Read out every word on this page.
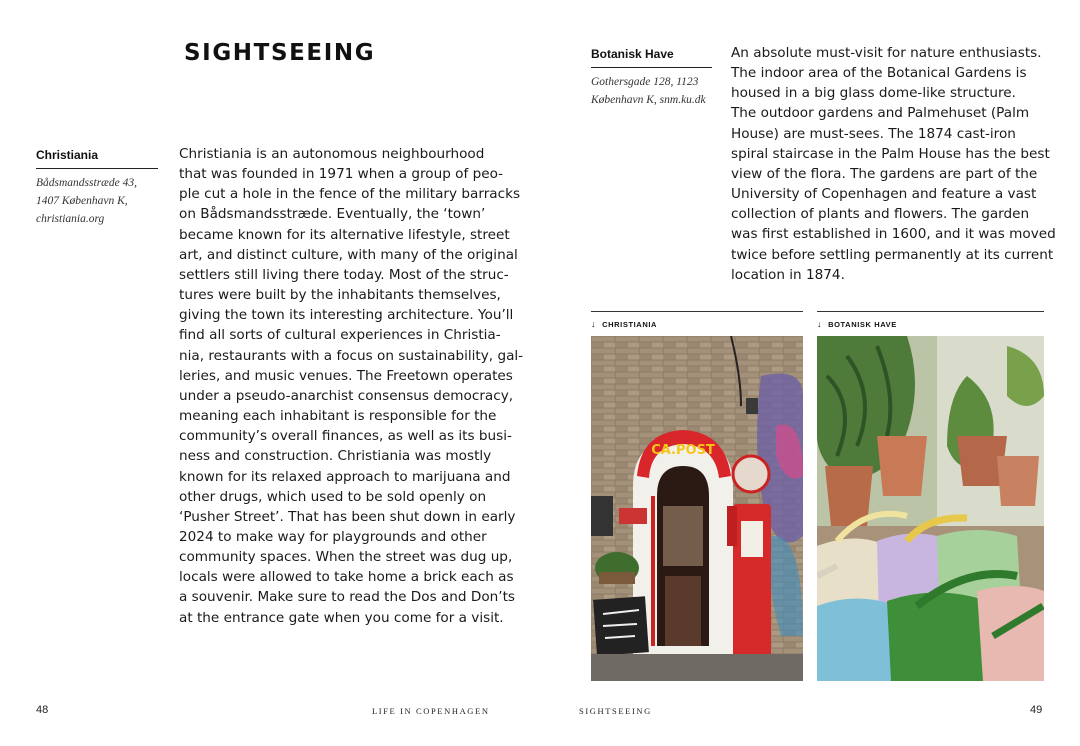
SIGHTSEEING
Christiania
Bådsmandsstræde 43,
1407 København K,
christiania.org
Christiania is an autonomous neighbourhood
that was founded in 1971 when a group of peo-
ple cut a hole in the fence of the military barracks
on Bådsmandsstræde. Eventually, the ‘town’
became known for its alternative lifestyle, street
art, and distinct culture, with many of the original
settlers still living there today. Most of the struc-
tures were built by the inhabitants themselves,
giving the town its interesting architecture. You’ll
find all sorts of cultural experiences in Christia-
nia, restaurants with a focus on sustainability, gal-
leries, and music venues. The Freetown operates
under a pseudo-anarchist consensus democracy,
meaning each inhabitant is responsible for the
community’s overall finances, as well as its busi-
ness and construction. Christiania was mostly
known for its relaxed approach to marijuana and
other drugs, which used to be sold openly on
‘Pusher Street’. That has been shut down in early
2024 to make way for playgrounds and other
community spaces. When the street was dug up,
locals were allowed to take home a brick each as
a souvenir. Make sure to read the Dos and Don’ts
at the entrance gate when you come for a visit.
48	LIFE IN COPENHAGEN
Botanisk Have
Gothersgade 128, 1123
København K, snm.ku.dk
An absolute must-visit for nature enthusiasts.
The indoor area of the Botanical Gardens is
housed in a big glass dome-like structure.
The outdoor gardens and Palmehuset (Palm
House) are must-sees. The 1874 cast-iron
spiral staircase in the Palm House has the best
view of the flora. The gardens are part of the
University of Copenhagen and feature a vast
collection of plants and flowers. The garden
was first established in 1600, and it was moved
twice before settling permanently at its current
location in 1874.
↓ CHRISTIANIA	↓ BOTANISK HAVE
CA.POST
SIGHTSEEING	49
